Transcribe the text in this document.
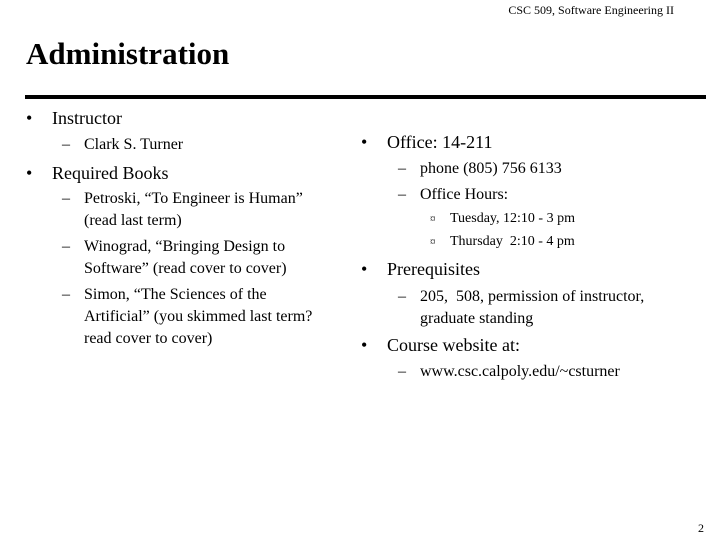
CSC 509, Software Engineering II
Administration
• Instructor
– Clark S. Turner
• Required Books
– Petroski, “To Engineer is Human”
(read last term)
– Winograd, “Bringing Design to
Software” (read cover to cover)
– Simon, “The Sciences of the
Artificial” (you skimmed last term?
read cover to cover)
• Office: 14-211
– phone (805) 756 6133
– Office Hours:
¤ Tuesday, 12:10 - 3 pm
¤ Thursday  2:10 - 4 pm
• Prerequisites
– 205,  508, permission of instructor,
graduate standing
• Course website at:
– www.csc.calpoly.edu/~csturner
2
